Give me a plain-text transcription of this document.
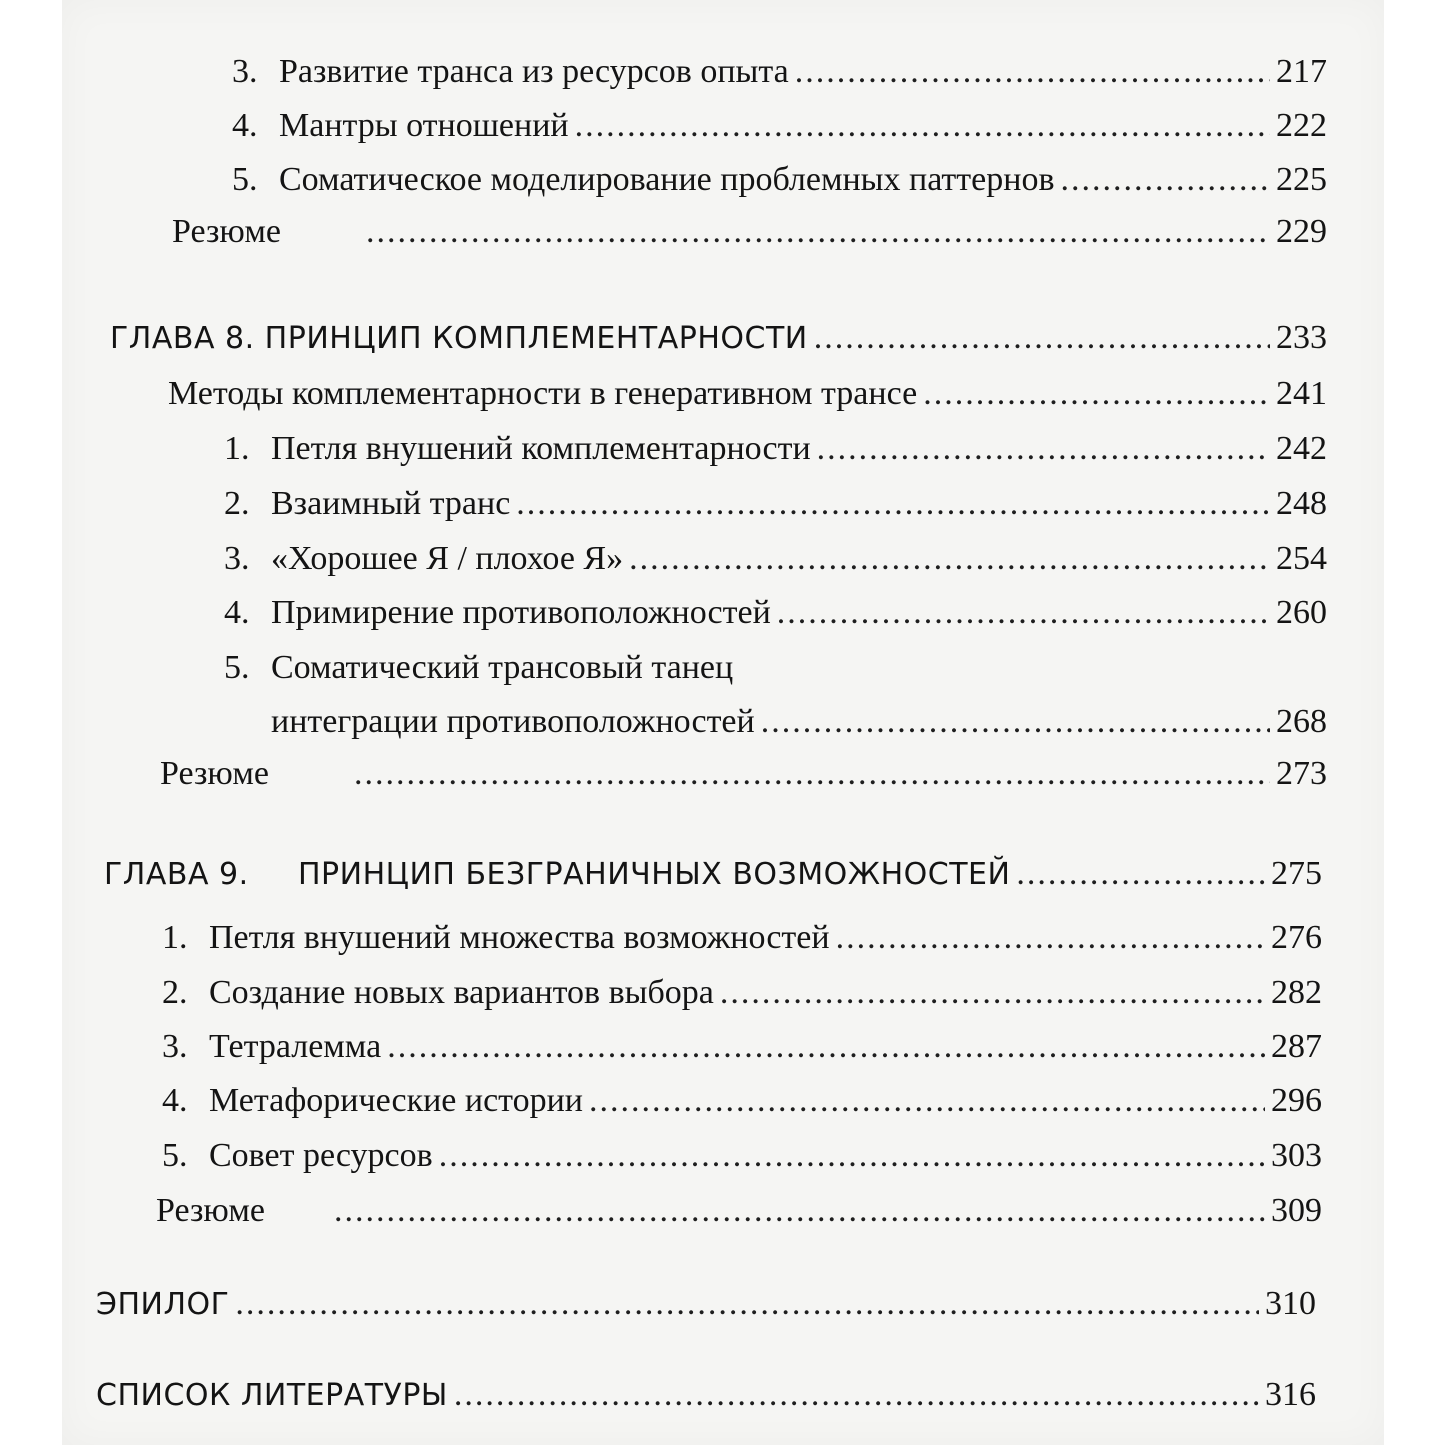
3. Развитие транса из ресурсов опыта .....	217
4. Мантры отношений .....	222
5. Соматическое моделирование проблемных паттернов .....	225
Резюме .....	229
ГЛАВА 8. ПРИНЦИП КОМПЛЕМЕНТАРНОСТИ .....	233
Методы комплементарности в генеративном трансе .....	241
1. Петля внушений комплементарности .....	242
2. Взаимный транс .....	248
3. «Хорошее Я / плохое Я» .....	254
4. Примирение противоположностей .....	260
5. Соматический трансовый танец
интеграции противоположностей .....	268
Резюме .....	273
ГЛАВА 9.	ПРИНЦИП БЕЗГРАНИЧНЫХ ВОЗМОЖНОСТЕЙ .....	275
1. Петля внушений множества возможностей .....	276
2. Создание новых вариантов выбора .....	282
3. Тетралемма .....	287
4. Метафорические истории .....	296
5. Совет ресурсов .....	303
Резюме .....	309
ЭПИЛОГ .....	310
СПИСОК ЛИТЕРАТУРЫ .....	316
